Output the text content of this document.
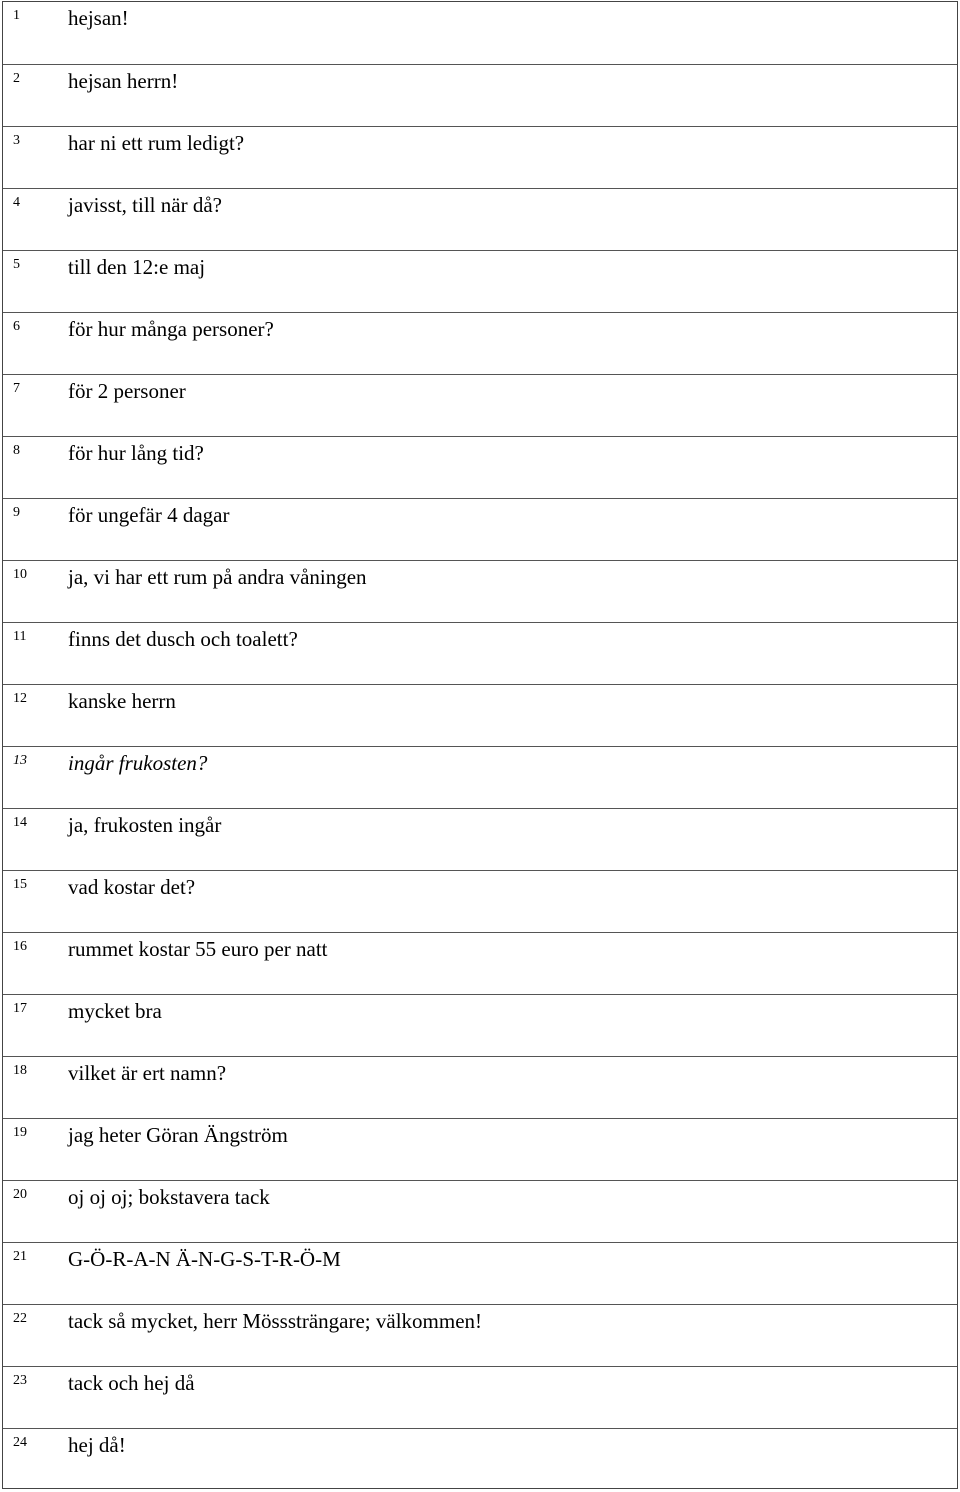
1 hejsan!
2 hejsan herrn!
3 har ni ett rum ledigt?
4 javisst, till när då?
5 till den 12:e maj
6 för hur många personer?
7 för 2 personer
8 för hur lång tid?
9 för ungefär 4 dagar
10 ja, vi har ett rum på andra våningen
11 finns det dusch och toalett?
12 kanske herrn
13 ingår frukosten?
14 ja, frukosten ingår
15 vad kostar det?
16 rummet kostar 55 euro per natt
17 mycket bra
18 vilket är ert namn?
19 jag heter Göran Ängström
20 oj oj oj; bokstavera tack
21 G-Ö-R-A-N Ä-N-G-S-T-R-Ö-M
22 tack så mycket, herr Mösssträngare; välkommen!
23 tack och hej då
24 hej då!
